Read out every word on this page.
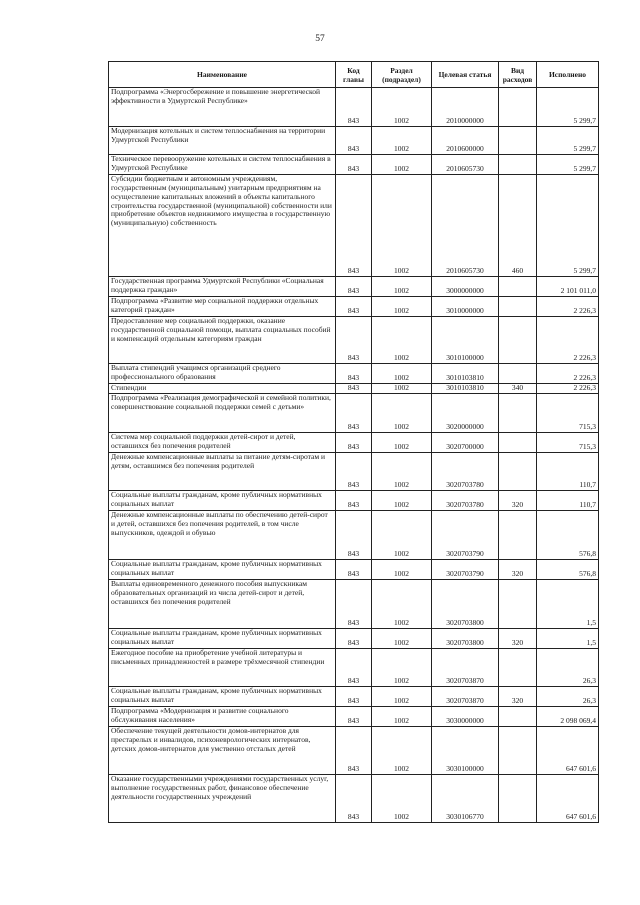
57
Наименование	Код главы	Раздел (подраздел)	Целевая статья	Вид расходов	Исполнено
Подпрограмма «Энергосбережение и повышение энергетической эффективности в Удмуртской Республике»	843	1002	2010000000		5 299,7
Модернизация котельных и систем теплоснабжения на территории Удмуртской Республики	843	1002	2010600000		5 299,7
Техническое перевооружение котельных и систем теплоснабжения в Удмуртской Республике	843	1002	2010605730		5 299,7
Субсидии бюджетным и автономным учреждениям, государственным (муниципальным) унитарным предприятиям на осуществление капитальных вложений в объекты капитального строительства государственной (муниципальной) собственности или приобретение объектов недвижимого имущества в государственную (муниципальную) собственность	843	1002	2010605730	460	5 299,7
Государственная программа Удмуртской Республики «Социальная поддержка граждан»	843	1002	3000000000		2 101 011,0
Подпрограмма «Развитие мер социальной поддержки отдельных категорий граждан»	843	1002	3010000000		2 226,3
Предоставление мер социальной поддержки, оказание государственной социальной помощи, выплата социальных пособий и компенсаций отдельным категориям граждан	843	1002	3010100000		2 226,3
Выплата стипендий учащимся организаций среднего профессионального образования	843	1002	3010103810		2 226,3
Стипендии	843	1002	3010103810	340	2 226,3
Подпрограмма «Реализация демографической и семейной политики, совершенствование социальной поддержки семей с детьми»	843	1002	3020000000		715,3
Система мер социальной поддержки детей-сирот и детей, оставшихся без попечения родителей	843	1002	3020700000		715,3
Денежные компенсационные выплаты за питание детям-сиротам и детям, оставшимся без попечения родителей	843	1002	3020703780		110,7
Социальные выплаты гражданам, кроме публичных нормативных социальных выплат	843	1002	3020703780	320	110,7
Денежные компенсационные выплаты по обеспечению детей-сирот и детей, оставшихся без попечения родителей, в том числе выпускников, одеждой и обувью	843	1002	3020703790		576,8
Социальные выплаты гражданам, кроме публичных нормативных социальных выплат	843	1002	3020703790	320	576,8
Выплаты единовременного денежного пособия выпускникам образовательных организаций из числа детей-сирот и детей, оставшихся без попечения родителей	843	1002	3020703800		1,5
Социальные выплаты гражданам, кроме публичных нормативных социальных выплат	843	1002	3020703800	320	1,5
Ежегодное пособие на приобретение учебной литературы и письменных принадлежностей в размере трёхмесячной стипендии	843	1002	3020703870		26,3
Социальные выплаты гражданам, кроме публичных нормативных социальных выплат	843	1002	3020703870	320	26,3
Подпрограмма «Модернизация и развитие социального обслуживания населения»	843	1002	3030000000		2 098 069,4
Обеспечение текущей деятельности домов-интернатов для престарелых и инвалидов, психоневрологических интернатов, детских домов-интернатов для умственно отсталых детей	843	1002	3030100000		647 601,6
Оказание государственными учреждениями государственных услуг, выполнение государственных работ, финансовое обеспечение деятельности государственных учреждений	843	1002	3030106770		647 601,6
